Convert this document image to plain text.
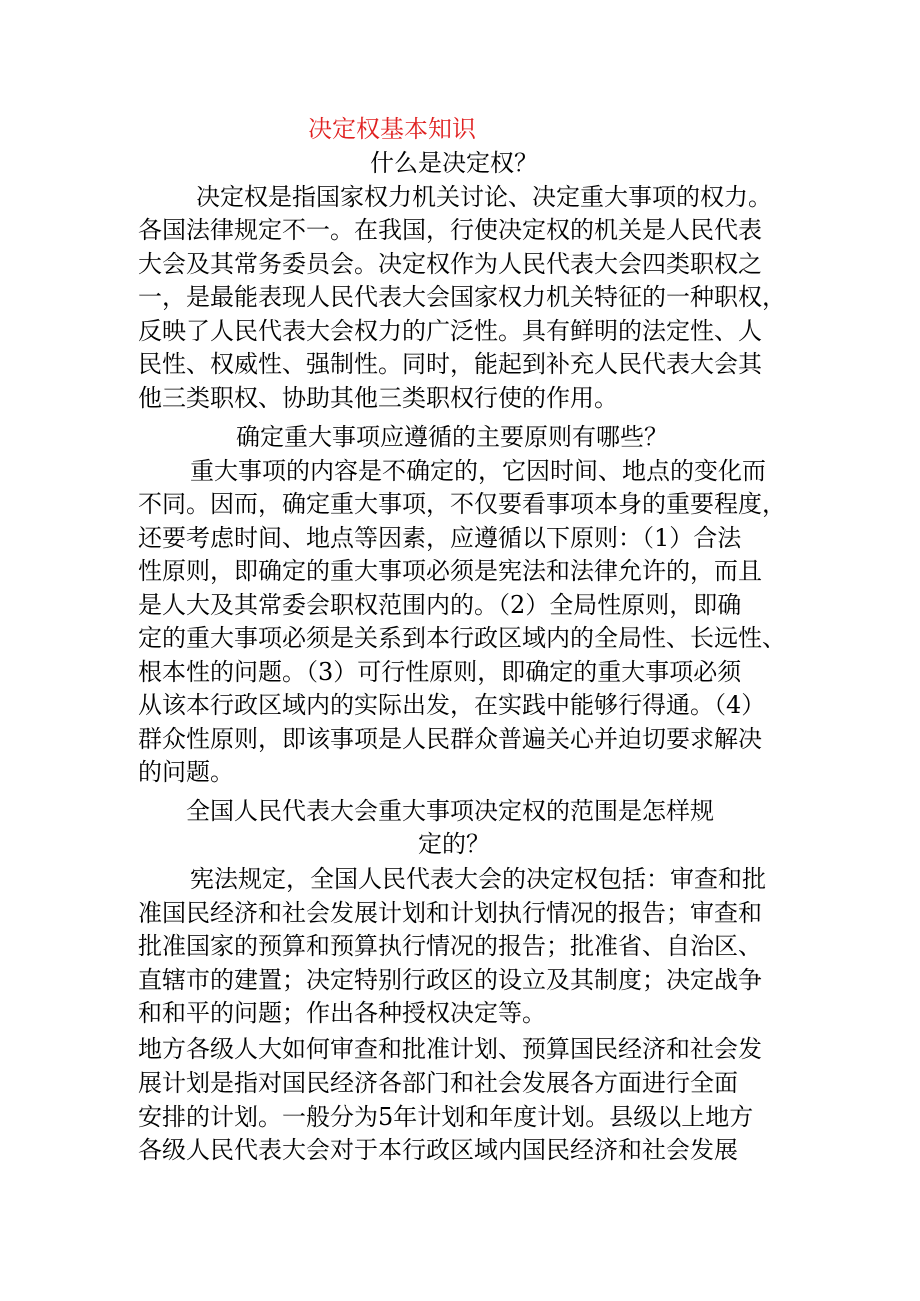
决定权基本知识
什么是决定权？
决定权是指国家权力机关讨论、决定重大事项的权力。
各国法律规定不一。在我国，行使决定权的机关是人民代表
大会及其常务委员会。决定权作为人民代表大会四类职权之
一，是最能表现人民代表大会国家权力机关特征的一种职权，
反映了人民代表大会权力的广泛性。具有鲜明的法定性、人
民性、权威性、强制性。同时，能起到补充人民代表大会其
他三类职权、协助其他三类职权行使的作用。
确定重大事项应遵循的主要原则有哪些？
重大事项的内容是不确定的，它因时间、地点的变化而
不同。因而，确定重大事项，不仅要看事项本身的重要程度，
还要考虑时间、地点等因素，应遵循以下原则：（1）合法
性原则，即确定的重大事项必须是宪法和法律允许的，而且
是人大及其常委会职权范围内的。（2）全局性原则，即确
定的重大事项必须是关系到本行政区域内的全局性、长远性、
根本性的问题。（3）可行性原则，即确定的重大事项必须
从该本行政区域内的实际出发，在实践中能够行得通。（4）
群众性原则，即该事项是人民群众普遍关心并迫切要求解决
的问题。
全国人民代表大会重大事项决定权的范围是怎样规
定的？
宪法规定，全国人民代表大会的决定权包括：审查和批
准国民经济和社会发展计划和计划执行情况的报告；审查和
批准国家的预算和预算执行情况的报告；批准省、自治区、
直辖市的建置；决定特别行政区的设立及其制度；决定战争
和和平的问题；作出各种授权决定等。
地方各级人大如何审查和批准计划、预算国民经济和社会发
展计划是指对国民经济各部门和社会发展各方面进行全面
安排的计划。一般分为5年计划和年度计划。县级以上地方
各级人民代表大会对于本行政区域内国民经济和社会发展
